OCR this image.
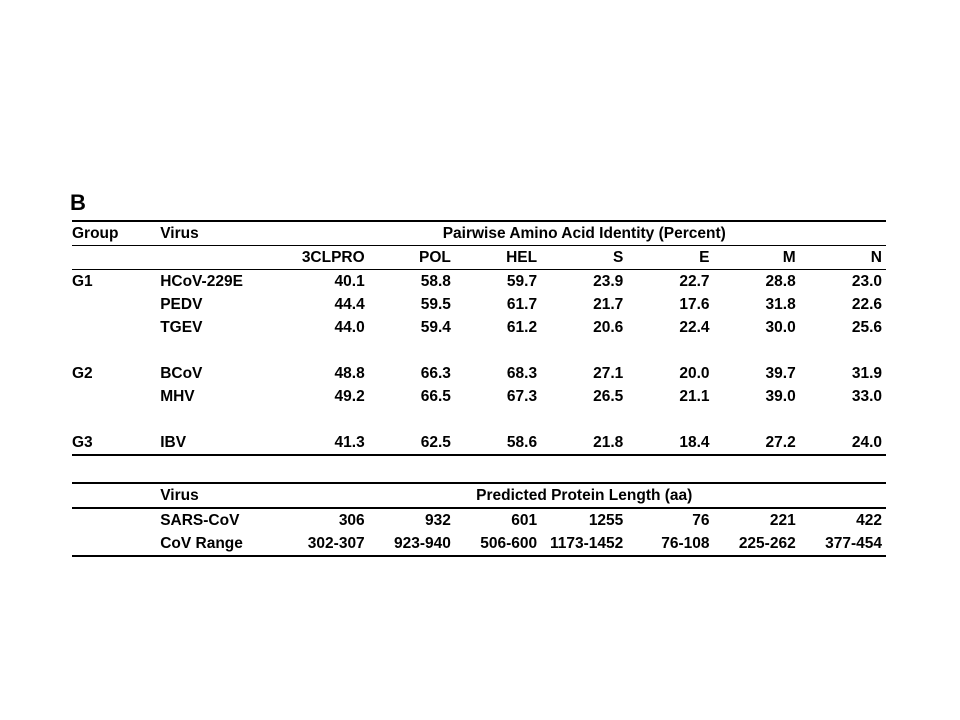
B
Group	Virus	Pairwise Amino Acid Identity (Percent)						
		3CLPRO	POL	HEL	S	E	M	N
G1	HCoV-229E	40.1	58.8	59.7	23.9	22.7	28.8	23.0
	PEDV	44.4	59.5	61.7	21.7	17.6	31.8	22.6
	TGEV	44.0	59.4	61.2	20.6	22.4	30.0	25.6

G2	BCoV	48.8	66.3	68.3	27.1	20.0	39.7	31.9
	MHV	49.2	66.5	67.3	26.5	21.1	39.0	33.0

G3	IBV	41.3	62.5	58.6	21.8	18.4	27.2	24.0
	Virus	Predicted Protein Length (aa)						
	SARS-CoV	306	932	601	1255	76	221	422
	CoV Range	302-307	923-940	506-600	1173-1452	76-108	225-262	377-454
